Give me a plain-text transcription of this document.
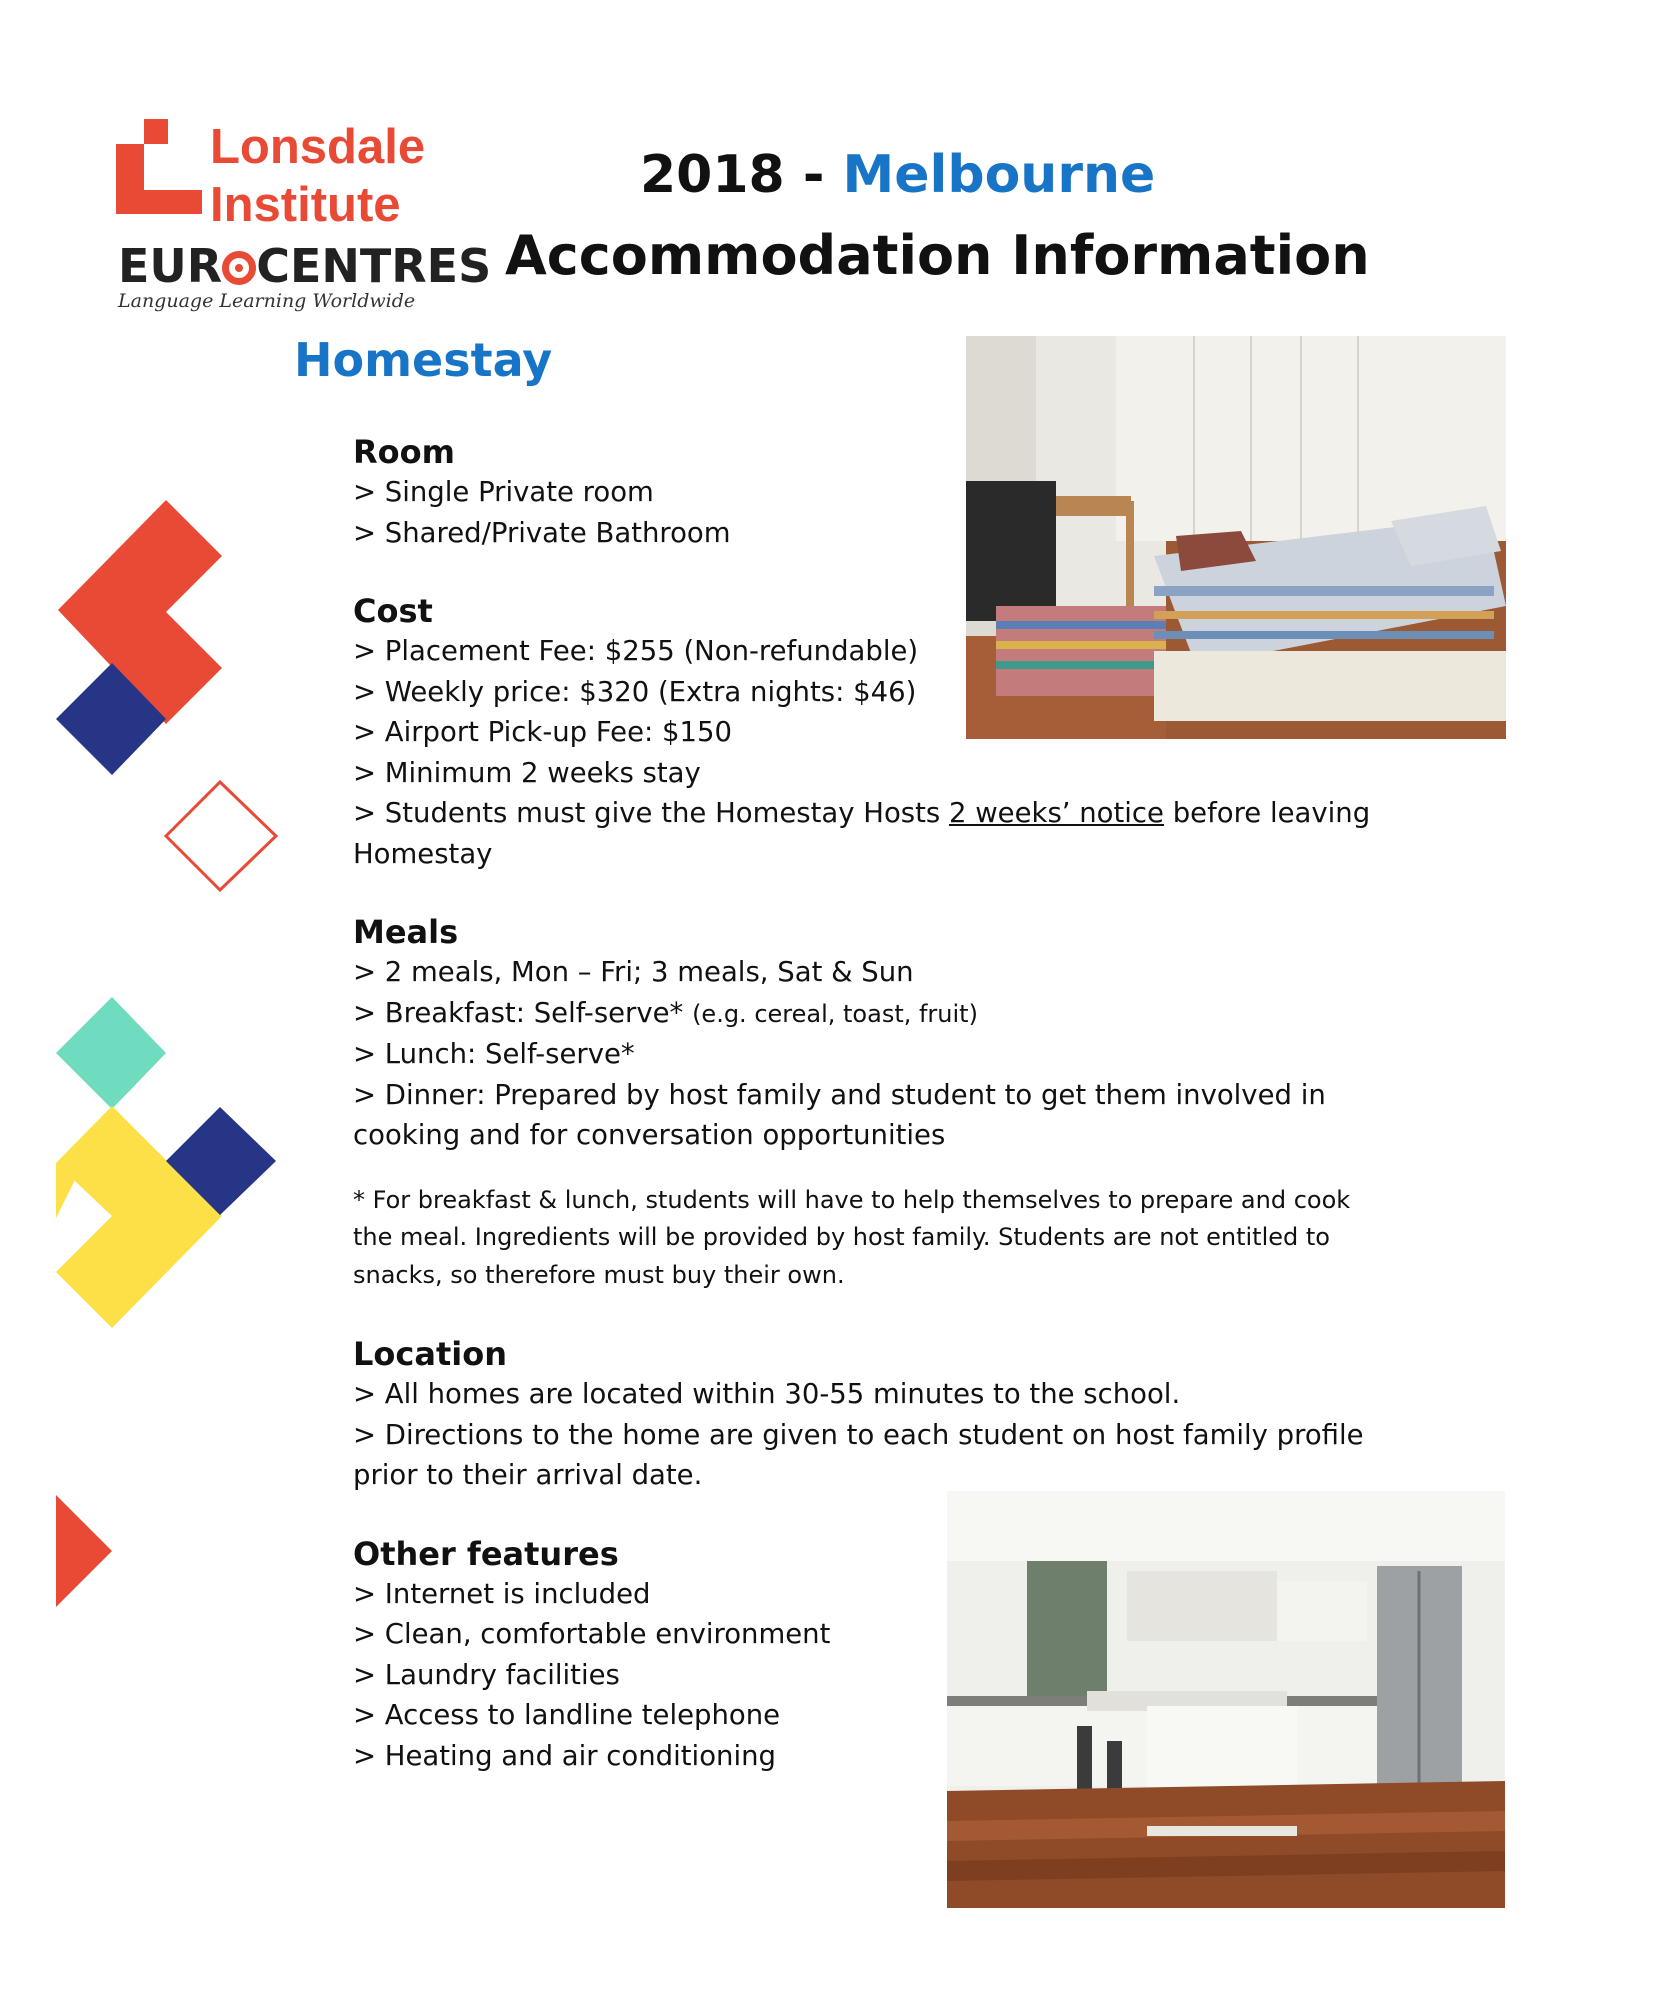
Lonsdale
Institute
EUR CENTRES
Language Learning Worldwide
2018 - Melbourne
Accommodation Information
Homestay
Room
> Single Private room
> Shared/Private Bathroom
Cost
> Placement Fee: $255 (Non-refundable)
> Weekly price: $320 (Extra nights: $46)
> Airport Pick-up Fee: $150
> Minimum 2 weeks stay
> Students must give the Homestay Hosts 2 weeks’ notice before leaving Homestay
Meals
> 2 meals, Mon – Fri; 3 meals, Sat & Sun
> Breakfast: Self-serve* (e.g. cereal, toast, fruit)
> Lunch: Self-serve*
> Dinner: Prepared by host family and student to get them involved in cooking and for conversation opportunities
* For breakfast & lunch, students will have to help themselves to prepare and cook the meal. Ingredients will be provided by host family. Students are not entitled to snacks, so therefore must buy their own.
Location
> All homes are located within 30-55 minutes to the school.
> Directions to the home are given to each student on host family profile prior to their arrival date.
Other features
> Internet is included
> Clean, comfortable environment
> Laundry facilities
> Access to landline telephone
> Heating and air conditioning
